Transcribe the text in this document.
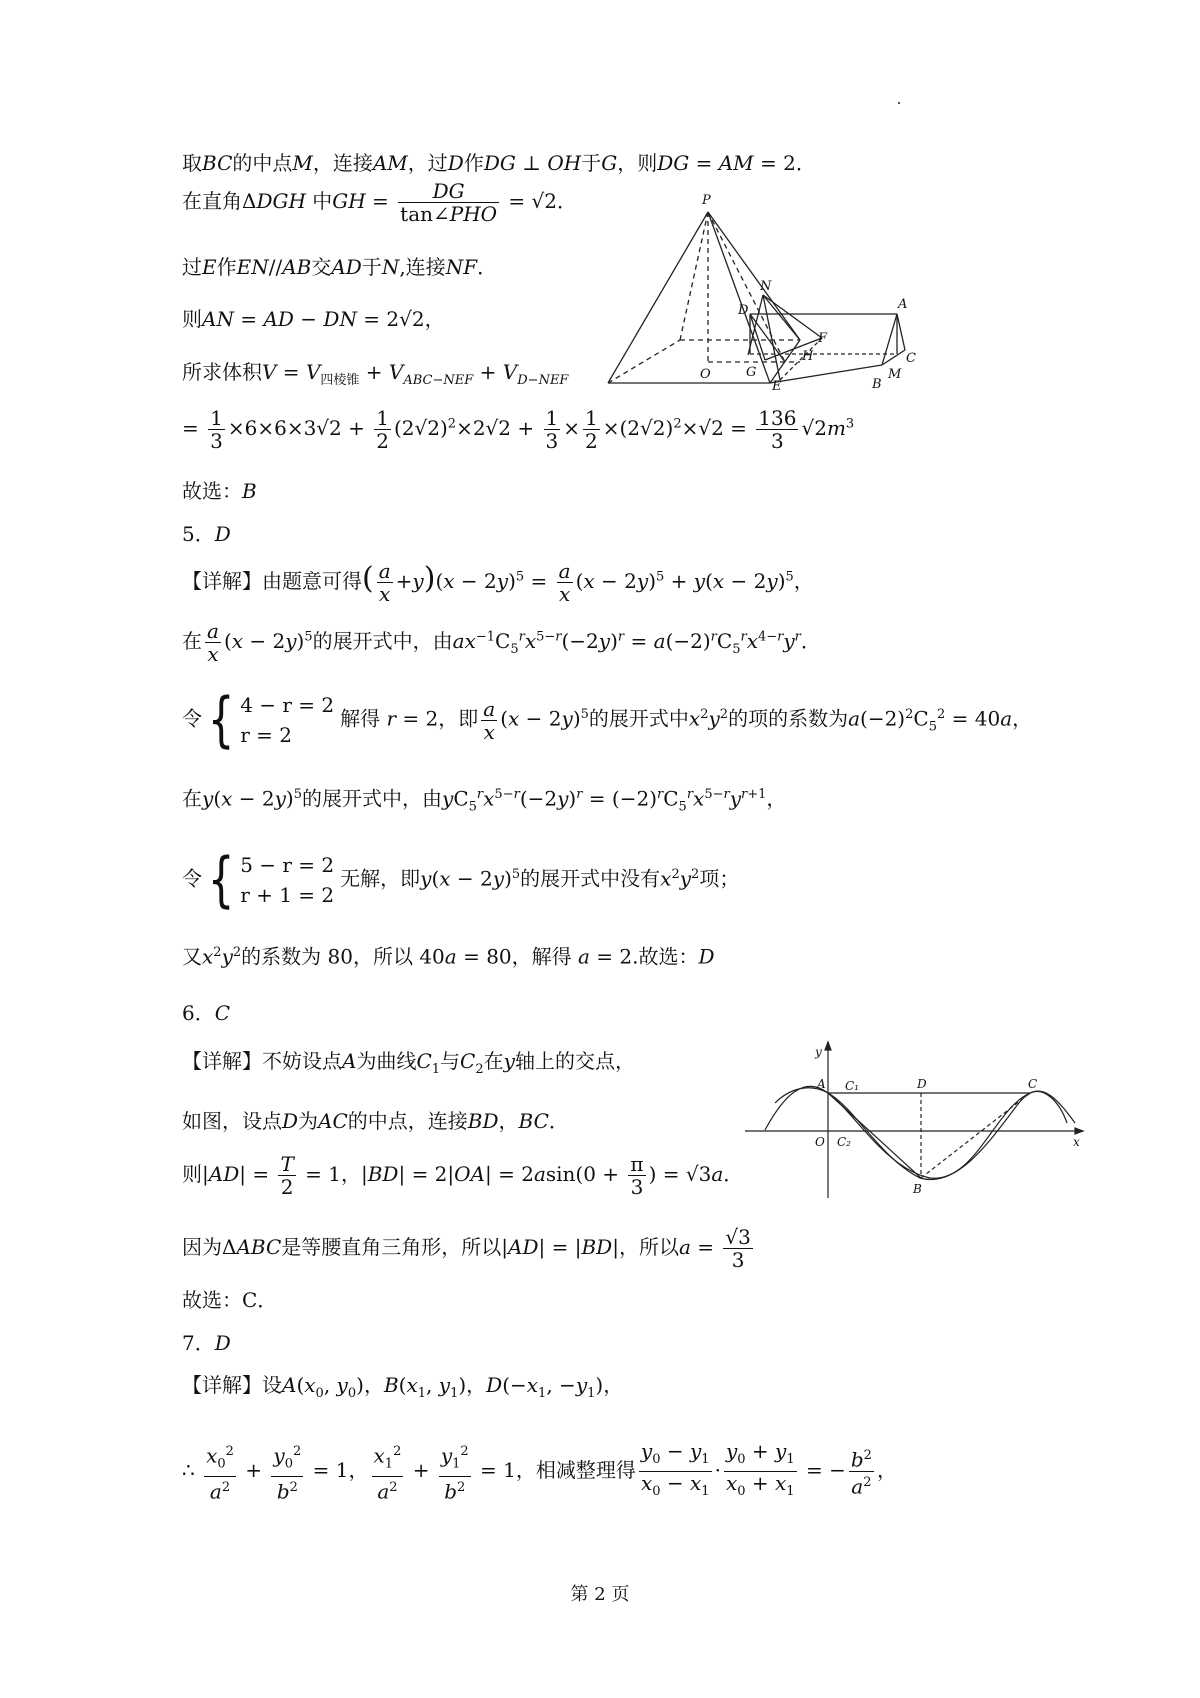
取BC的中点M，连接AM，过D作DG ⊥ OH于G，则DG = AM = 2．
在直角ΔDGH 中GH = $\frac{DG}{\text{tan∠PHO}} = √2$．
过E作EN//AB交AD于N,连接NF．
则AN = AD − DN = 2√2，
所求体积$V = V_{四棱锥} + V_{ABC-NEF} + V_{D-NEF}$
= $\frac{1}{3} \times 6\times 6\times 3√2 + \frac{1}{2} (2√2)^2\times 2√2 + \frac{1}{3} \times \frac{1}{2} \times(2√2)^2\times√2 = \frac{136}{3} √2m^3$
故选：B
P
N
A
D
F
H
O	G
E	B
M
C
5．D
【详解】由题意可得( $\frac{a}{x} +y)(x - 2y)^5 = \frac{a}{x} (x - 2y)^5 + y(x - 2y)^5$，
在 $\frac{a}{x} (x - 2y)^5$的展开式中，由$ax^{-1}C_5^rx^{5-r}(-2y)^r = a(-2)^rC_5^rx^{4-r}y^r$．
令 { 4 − r = 2
r = 2
解得 r = 2，即 $\frac{a}{x} (x - 2y)^5$的展开式中$x^2y^2$的项的系数为$a(-2)^2C_5^2 = 40a$，
在$y(x - 2y)^5$的展开式中，由$yC_5^rx^{5-r}(-2y)^r = (-2)^rC_5^rx^{5-r}y^{r+1}$，
令 { 5 − r = 2
r + 1 = 2
无解，即$y(x - 2y)^5$的展开式中没有$x^2y^2$项；
又$x^2y^2$的系数为 80，所以 40a = 80，解得 a = 2.故选：D
6．C
【详解】不妨设点A为曲线$C_1$与$C_2$在y轴上的交点，
如图，设点D为AC的中点，连接BD，BC．
则$|AD| = \frac{T}{2} = 1$，$|BD| = 2|OA| = 2asin(0 + \frac{\pi}{3}$ ) = √3a．
因为ΔABC是等腰直角三角形，所以|AD| = |BD|，所以$a = \frac{√3}{3}$
故选：C．
y
A C₁	D	C
O C₂
B
x
7．D
【详解】设$A(x_0$, $y_0$)，$B(x_1$, $y_1$)，$D(-x_1$, $-y_1$)，
∴ $\frac{x_0^2}{a^2} + \frac{y_0^2}{b^2} = 1$， $\frac{x_1^2}{a^2} + \frac{y_1^2}{b^2} = 1$，相减整理得 $\frac{y_0 - y_1}{x_0 - x_1} \cdot \frac{y_0 + y_1}{x_0 + x_1}$ = − $\frac{b^2}{a^2}$ ，
第 2 页
